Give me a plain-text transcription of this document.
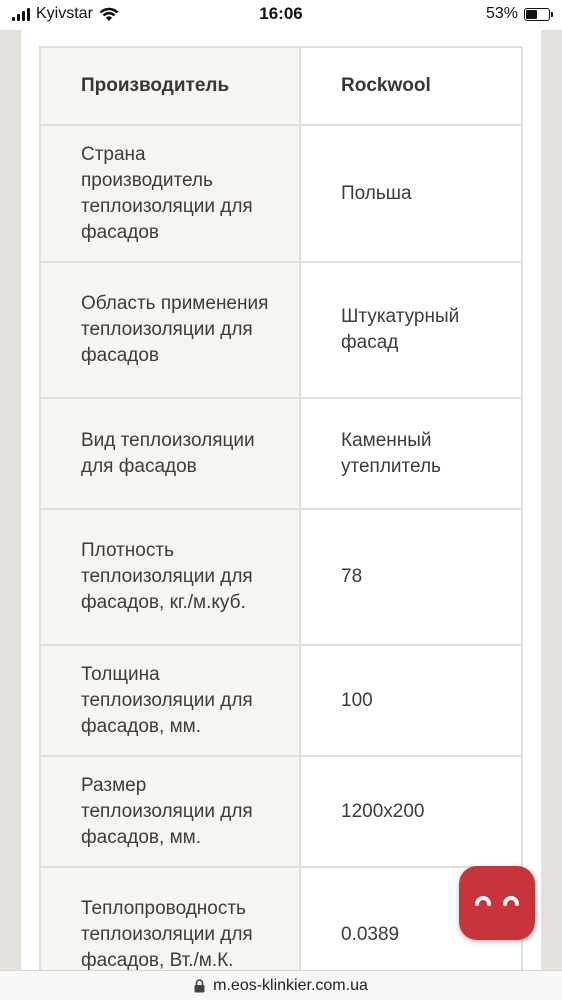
Kyivstar	16:06	53%
Производитель	Rockwool

Страна производитель теплоизоляции для фасадов	Польша

Область применения теплоизоляции для фасадов	Штукатурный фасад

Вид теплоизоляции для фасадов	Каменный утеплитель

Плотность теплоизоляции для фасадов, кг./м.куб.	78

Толщина теплоизоляции для фасадов, мм.	100

Размер теплоизоляции для фасадов, мм.	1200х200

Теплопроводность теплоизоляции для фасадов, Вт./м.К.	0.0389
m.eos-klinkier.com.ua
